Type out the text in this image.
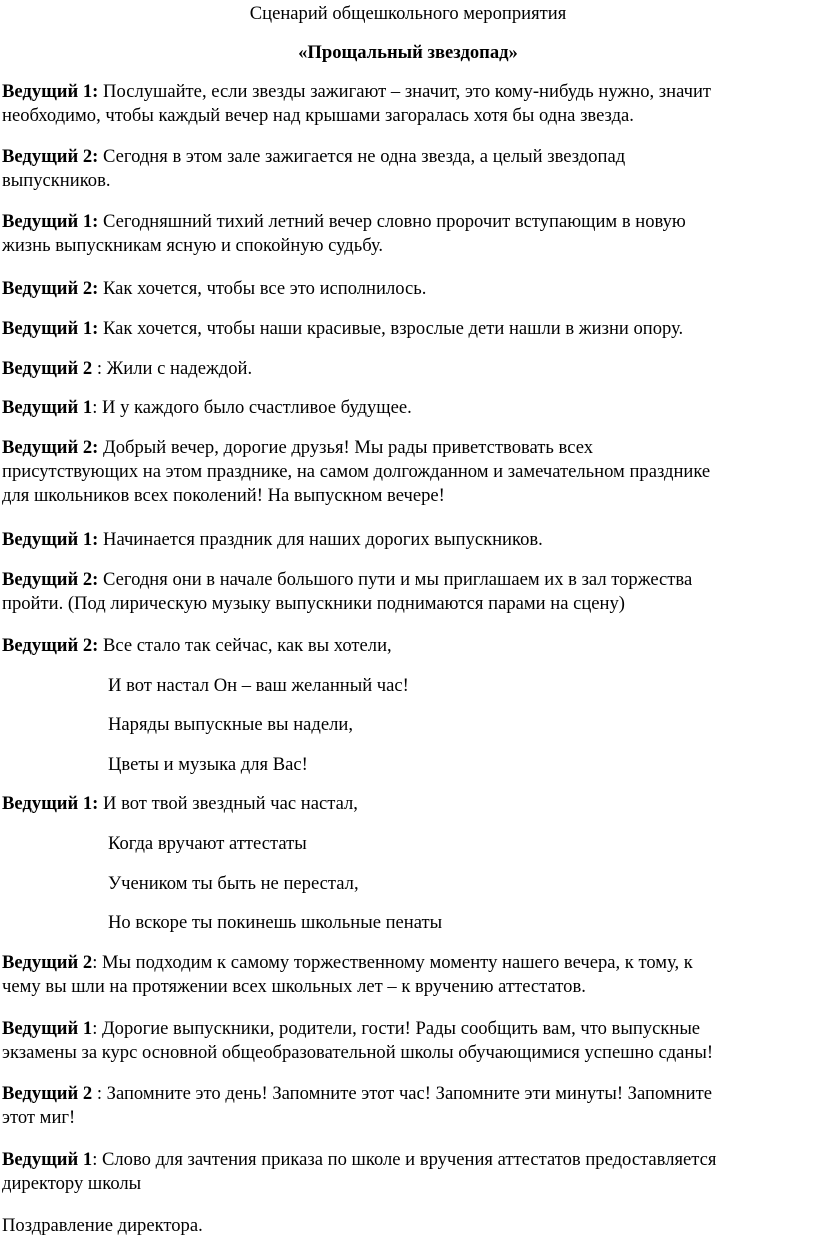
Сценарий общешкольного мероприятия

«Прощальный звездопад»

Ведущий 1: Послушайте, если звезды зажигают – значит, это кому-нибудь нужно, значит
необходимо, чтобы каждый вечер над крышами загоралась хотя бы одна звезда.

Ведущий 2: Сегодня в этом зале зажигается не одна звезда, а целый звездопад
выпускников.

Ведущий 1: Сегодняшний тихий летний вечер словно пророчит вступающим в новую
жизнь выпускникам ясную и спокойную судьбу.

Ведущий 2: Как хочется, чтобы все это исполнилось.

Ведущий 1: Как хочется, чтобы наши красивые, взрослые дети нашли в жизни опору.

Ведущий 2 : Жили с надеждой.

Ведущий 1: И у каждого было счастливое будущее.

Ведущий 2: Добрый вечер, дорогие друзья! Мы рады приветствовать всех
присутствующих на этом празднике, на самом долгожданном и замечательном празднике
для школьников всех поколений! На выпускном вечере!

Ведущий 1: Начинается праздник для наших дорогих выпускников.

Ведущий 2: Сегодня они в начале большого пути и мы приглашаем их в зал торжества
пройти. (Под лирическую музыку выпускники поднимаются парами на сцену)

Ведущий 2: Все стало так сейчас, как вы хотели,

И вот настал Он – ваш желанный час!

Наряды выпускные вы надели,

Цветы и музыка для Вас!

Ведущий 1: И вот твой звездный час настал,

Когда вручают аттестаты

Учеником ты быть не перестал,

Но вскоре ты покинешь школьные пенаты

Ведущий 2: Мы подходим к самому торжественному моменту нашего вечера, к тому, к
чему вы шли на протяжении всех школьных лет – к вручению аттестатов.

Ведущий 1: Дорогие выпускники, родители, гости! Рады сообщить вам, что выпускные
экзамены за курс основной общеобразовательной школы обучающимися успешно сданы!

Ведущий 2 : Запомните это день! Запомните этот час! Запомните эти минуты! Запомните
этот миг!

Ведущий 1: Слово для зачтения приказа по школе и вручения аттестатов предоставляется
директору школы

Поздравление директора.
